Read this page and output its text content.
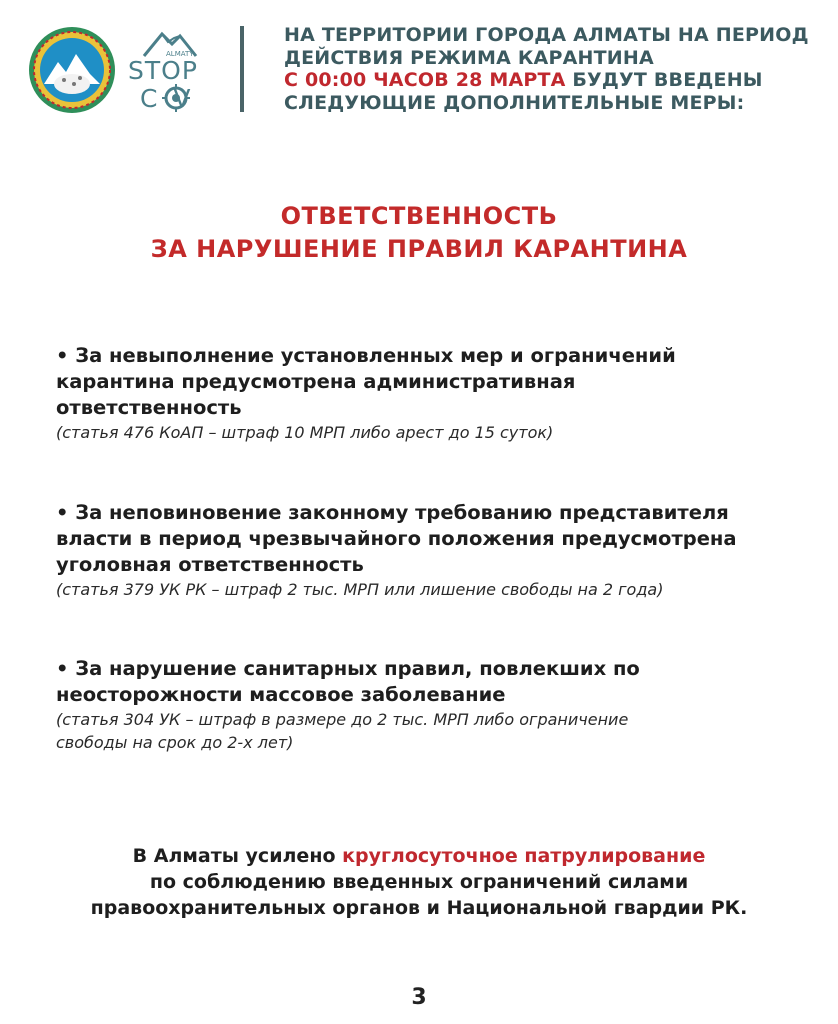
ALMATY
STOP
C  V
НА ТЕРРИТОРИИ ГОРОДА АЛМАТЫ НА ПЕРИОД
ДЕЙСТВИЯ РЕЖИМА КАРАНТИНА
С 00:00 ЧАСОВ 28 МАРТА БУДУТ ВВЕДЕНЫ
СЛЕДУЮЩИЕ ДОПОЛНИТЕЛЬНЫЕ МЕРЫ:
ОТВЕТСТВЕННОСТЬ
ЗА НАРУШЕНИЕ ПРАВИЛ КАРАНТИНА
• За невыполнение установленных мер и ограничений
карантина предусмотрена административная
ответственность
(статья 476 КоАП – штраф 10 МРП либо арест до 15 суток)
• За неповиновение законному требованию представителя
власти в период чрезвычайного положения предусмотрена
уголовная ответственность
(статья 379 УК РК – штраф 2 тыс. МРП или лишение свободы на 2 года)
• За нарушение санитарных правил, повлекших по
неосторожности массовое заболевание
(статья 304 УК – штраф в размере до 2 тыс. МРП либо ограничение
свободы на срок до 2-х лет)
В Алматы усилено круглосуточное патрулирование
по соблюдению введенных ограничений силами
правоохранительных органов и Национальной гвардии РК.
3
